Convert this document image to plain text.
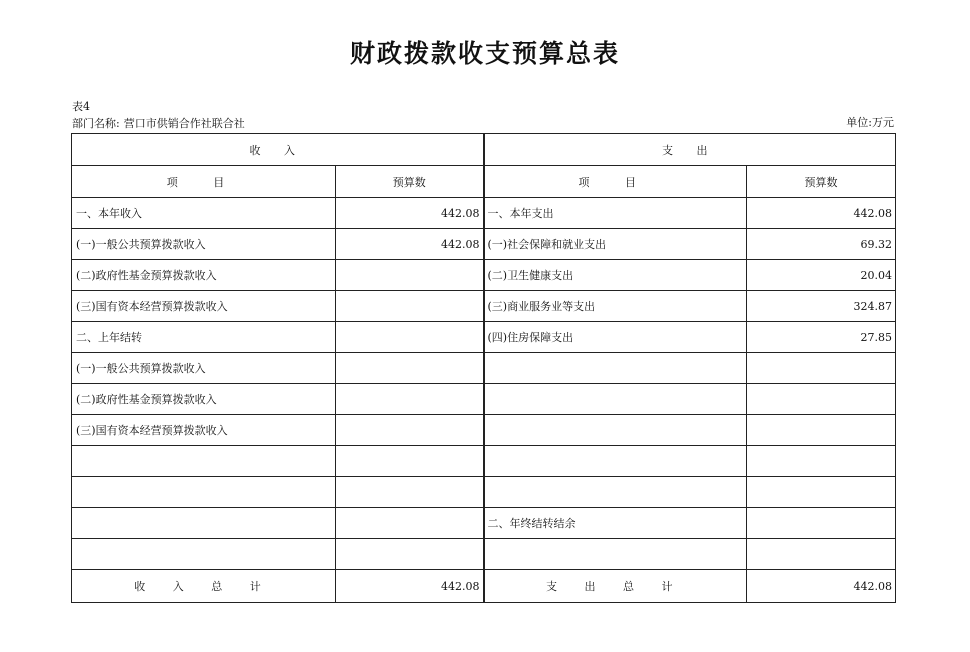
财政拨款收支预算总表
表4
部门名称: 营口市供销合作社联合社	单位:万元
收 入		支 出	
项 目	预算数	项 目	预算数
一、本年收入	442.08	一、本年支出	442.08
(一)一般公共预算拨款收入	442.08	(一)社会保障和就业支出	69.32
(二)政府性基金预算拨款收入		(二)卫生健康支出	20.04
(三)国有资本经营预算拨款收入		(三)商业服务业等支出	324.87
二、上年结转		(四)住房保障支出	27.85
(一)一般公共预算拨款收入			
(二)政府性基金预算拨款收入			
(三)国有资本经营预算拨款收入			

		二、年终结转结余	

收 入 总 计	442.08	支 出 总 计	442.08
